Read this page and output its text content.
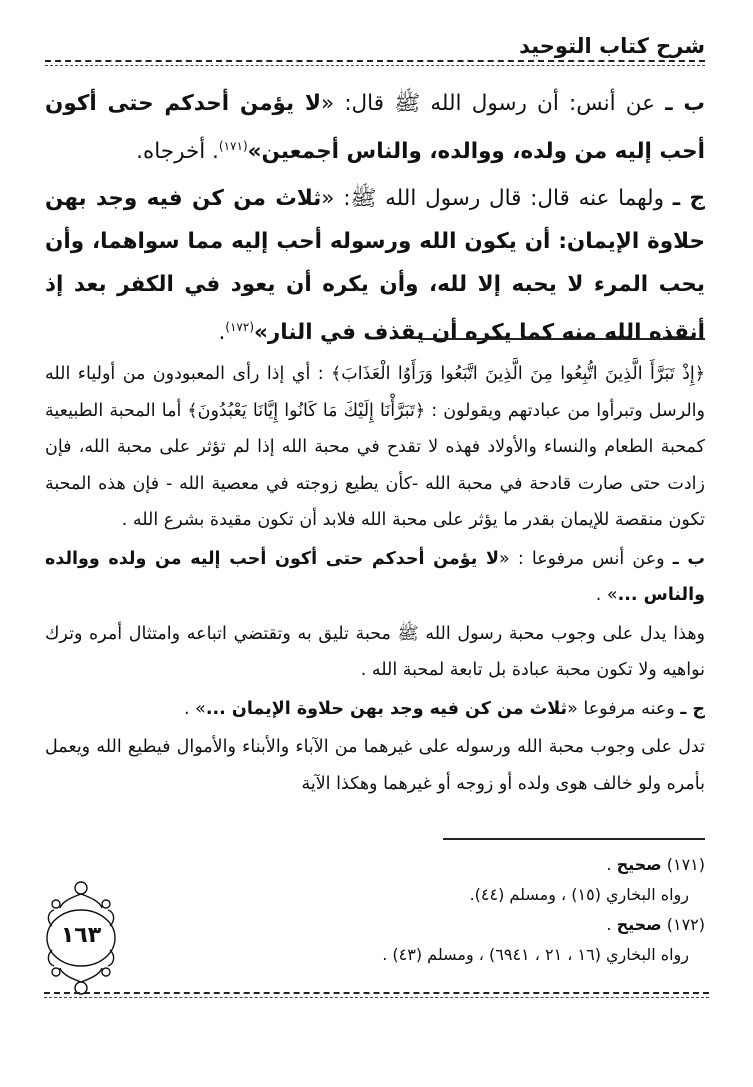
شرح كتاب التوحيد

ب ـ عن أنس: أن رسول الله ﷺ قال: «لا يؤمن أحدكم حتى أكون أحب إليه من ولده، ووالده، والناس أجمعين»$^{(١٧١)}$. أخرجاه.

ج ـ ولهما عنه قال: قال رسول الله ﷺ: «ثلاث من كن فيه وجد بهن حلاوة الإيمان: أن يكون الله ورسوله أحب إليه مما سواهما، وأن يحب المرء لا يحبه إلا لله، وأن يكره أن يعود في الكفر بعد إذ أنقذه الله منه كما يكره أن يقذف في النار»$^{(١٧٢)}$.

﴿إِذْ تَبَرَّأَ الَّذِينَ اتُّبِعُوا مِنَ الَّذِينَ اتَّبَعُوا وَرَأَوُا الْعَذَابَ﴾ : أي إذا رأى المعبودون من أولياء الله والرسل وتبرأوا من عبادتهم ويقولون : ﴿تَبَرَّأْنَا إِلَيْكَ مَا كَانُوا إِيَّانَا يَعْبُدُونَ﴾ أما المحبة الطبيعية كمحبة الطعام والنساء والأولاد فهذه لا تقدح في محبة الله إذا لم تؤثر على محبة الله، فإن زادت حتى صارت قادحة في محبة الله -كأن يطيع زوجته في معصية الله - فإن هذه المحبة تكون منقصة للإيمان بقدر ما يؤثر على محبة الله فلابد أن تكون مقيدة بشرع الله .

ب ـ وعن أنس مرفوعا : «لا يؤمن أحدكم حتى أكون أحب إليه من ولده ووالده والناس ...» .

وهذا يدل على وجوب محبة رسول الله ﷺ محبة تليق به وتقتضي اتباعه وامتثال أمره وترك نواهيه ولا تكون محبة عبادة بل تابعة لمحبة الله .

ج ـ وعنه مرفوعا «ثلاث من كن فيه وجد بهن حلاوة الإيمان ...» .

تدل على وجوب محبة الله ورسوله على غيرهما من الآباء والأبناء والأموال فيطيع الله ويعمل بأمره ولو خالف هوى ولده أو زوجه أو غيرهما وهكذا الآية

(١٧١) صحيح .
رواه البخاري (١٥) ، ومسلم (٤٤).
(١٧٢) صحيح .
رواه البخاري (١٦ ، ٢١ ، ٦٩٤١) ، ومسلم (٤٣) .
١٦٣
